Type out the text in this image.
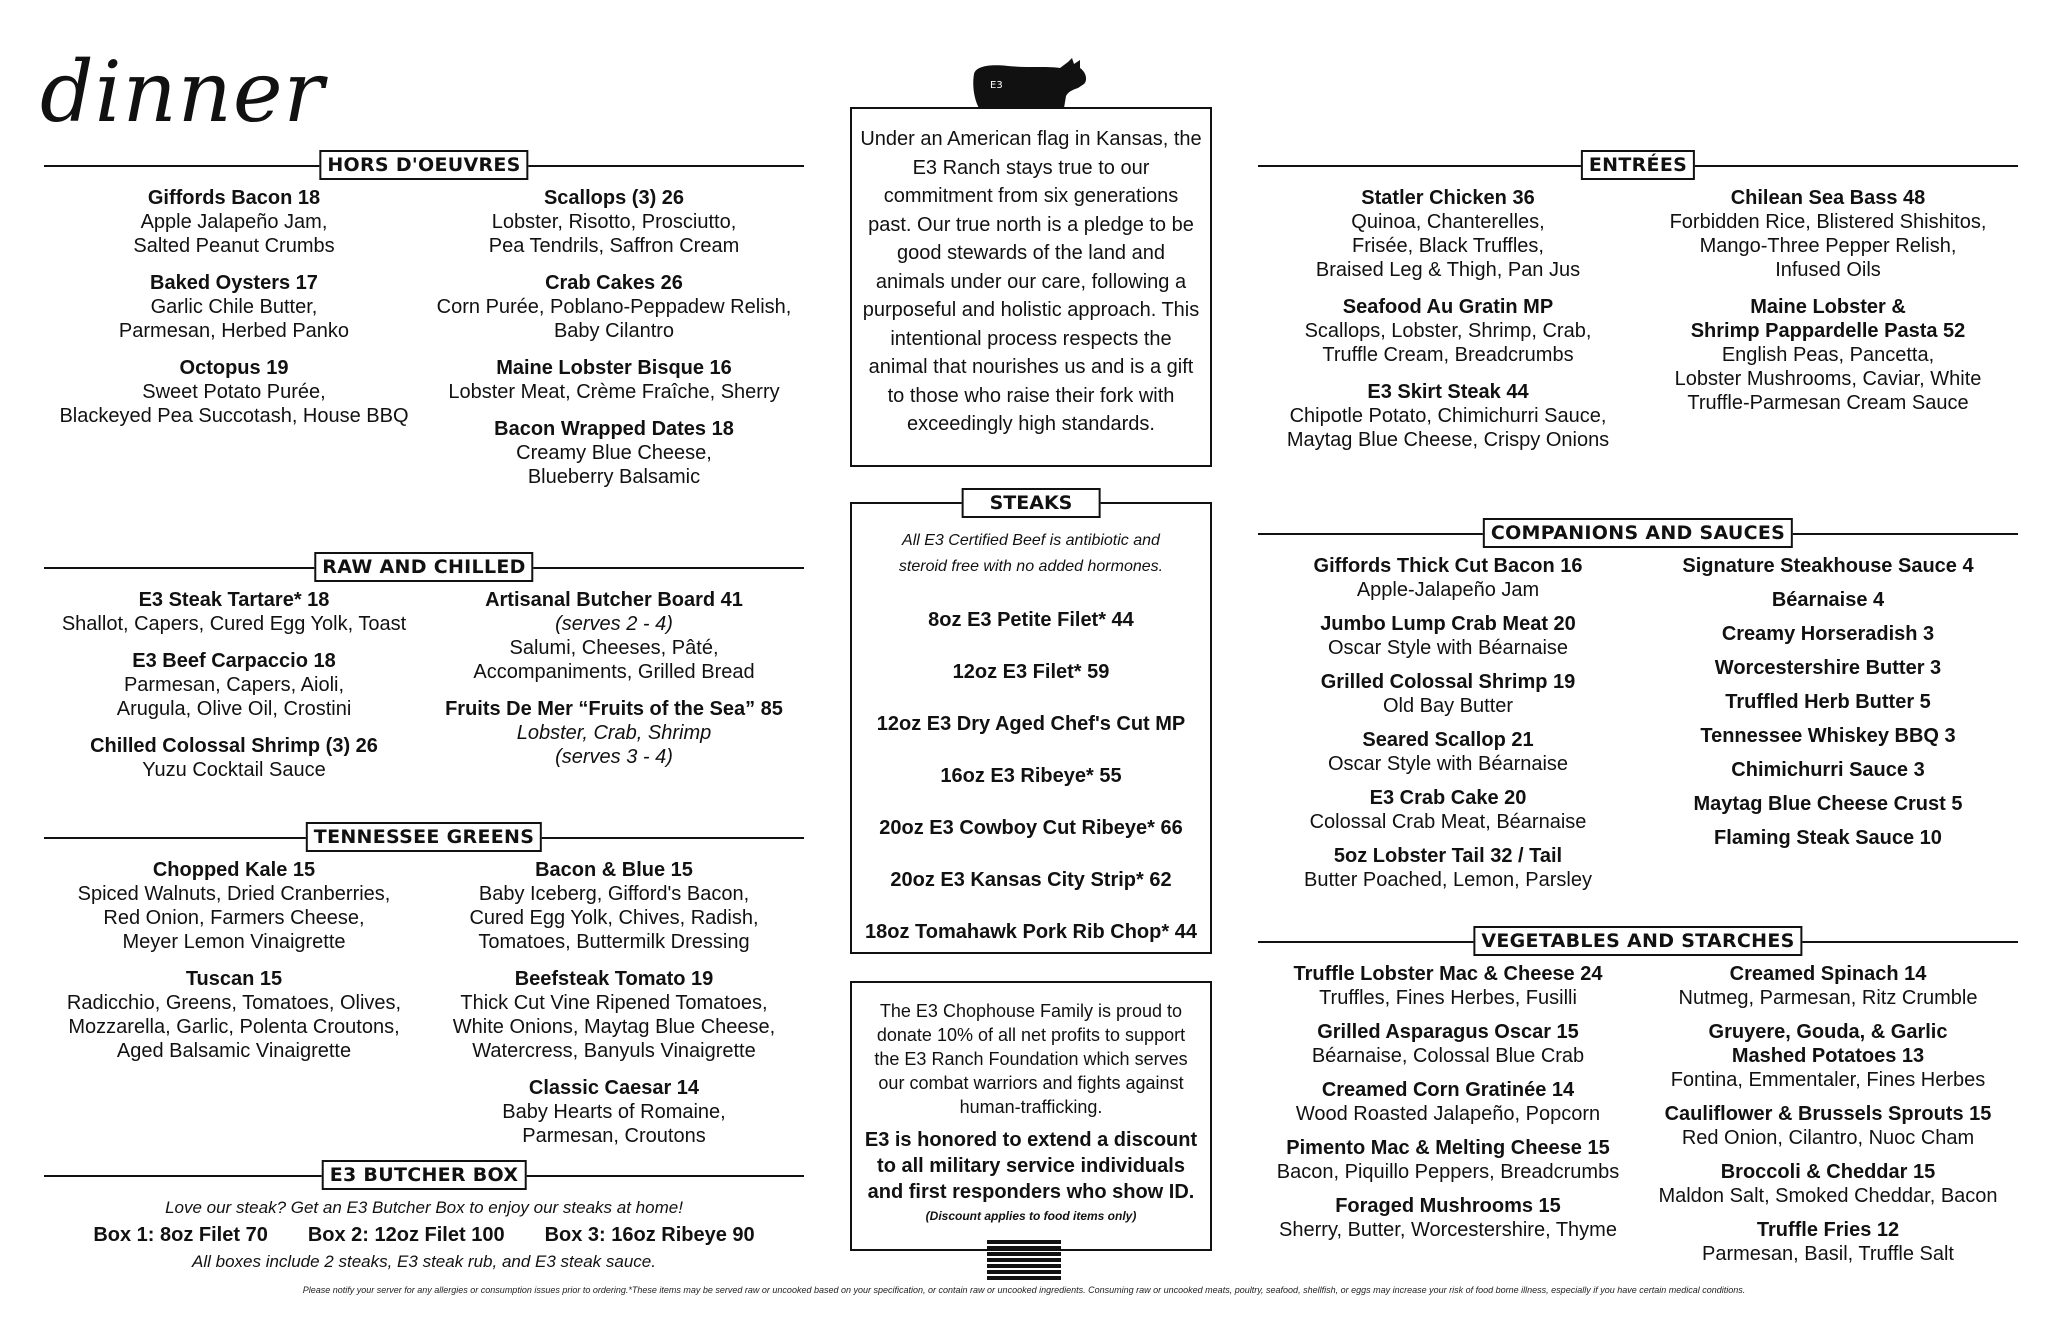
dinner
HORS D'OEUVRES
Giffords Bacon 18
Apple Jalapeño Jam,
Salted Peanut Crumbs
Baked Oysters 17
Garlic Chile Butter,
Parmesan, Herbed Panko
Octopus 19
Sweet Potato Purée,
Blackeyed Pea Succotash, House BBQ
Scallops (3) 26
Lobster, Risotto, Prosciutto,
Pea Tendrils, Saffron Cream
Crab Cakes 26
Corn Purée, Poblano-Peppadew Relish,
Baby Cilantro
Maine Lobster Bisque 16
Lobster Meat, Crème Fraîche, Sherry
Bacon Wrapped Dates 18
Creamy Blue Cheese,
Blueberry Balsamic
RAW AND CHILLED
E3 Steak Tartare* 18
Shallot, Capers, Cured Egg Yolk, Toast
E3 Beef Carpaccio 18
Parmesan, Capers, Aioli,
Arugula, Olive Oil, Crostini
Chilled Colossal Shrimp (3) 26
Yuzu Cocktail Sauce
Artisanal Butcher Board 41
(serves 2 - 4)
Salumi, Cheeses, Pâté,
Accompaniments, Grilled Bread
Fruits De Mer “Fruits of the Sea” 85
Lobster, Crab, Shrimp
(serves 3 - 4)
TENNESSEE GREENS
Chopped Kale 15
Spiced Walnuts, Dried Cranberries,
Red Onion, Farmers Cheese,
Meyer Lemon Vinaigrette
Tuscan 15
Radicchio, Greens, Tomatoes, Olives,
Mozzarella, Garlic, Polenta Croutons,
Aged Balsamic Vinaigrette
Bacon & Blue 15
Baby Iceberg, Gifford's Bacon,
Cured Egg Yolk, Chives, Radish,
Tomatoes, Buttermilk Dressing
Beefsteak Tomato 19
Thick Cut Vine Ripened Tomatoes,
White Onions, Maytag Blue Cheese,
Watercress, Banyuls Vinaigrette
Classic Caesar 14
Baby Hearts of Romaine,
Parmesan, Croutons
E3 BUTCHER BOX
Love our steak? Get an E3 Butcher Box to enjoy our steaks at home!
Box 1: 8oz Filet 70 Box 2: 12oz Filet 100 Box 3: 16oz Ribeye 90
All boxes include 2 steaks, E3 steak rub, and E3 steak sauce.
E3
Under an American flag in Kansas, the E3 Ranch stays true to our commitment from six generations past. Our true north is a pledge to be good stewards of the land and animals under our care, following a purposeful and holistic approach. This intentional process respects the animal that nourishes us and is a gift to those who raise their fork with exceedingly high standards.
STEAKS
All E3 Certified Beef is antibiotic and
steroid free with no added hormones.
8oz E3 Petite Filet* 44
12oz E3 Filet* 59
12oz E3 Dry Aged Chef's Cut MP
16oz E3 Ribeye* 55
20oz E3 Cowboy Cut Ribeye* 66
20oz E3 Kansas City Strip* 62
18oz Tomahawk Pork Rib Chop* 44
The E3 Chophouse Family is proud to donate 10% of all net profits to support the E3 Ranch Foundation which serves our combat warriors and fights against human-trafficking.
E3 is honored to extend a discount to all military service individuals and first responders who show ID.
(Discount applies to food items only)
ENTRÉES
Statler Chicken 36
Quinoa, Chanterelles,
Frisée, Black Truffles,
Braised Leg & Thigh, Pan Jus
Seafood Au Gratin MP
Scallops, Lobster, Shrimp, Crab,
Truffle Cream, Breadcrumbs
E3 Skirt Steak 44
Chipotle Potato, Chimichurri Sauce,
Maytag Blue Cheese, Crispy Onions
Chilean Sea Bass 48
Forbidden Rice, Blistered Shishitos,
Mango-Three Pepper Relish,
Infused Oils
Maine Lobster &
Shrimp Pappardelle Pasta 52
English Peas, Pancetta,
Lobster Mushrooms, Caviar, White
Truffle-Parmesan Cream Sauce
COMPANIONS AND SAUCES
Giffords Thick Cut Bacon 16
Apple-Jalapeño Jam
Jumbo Lump Crab Meat 20
Oscar Style with Béarnaise
Grilled Colossal Shrimp 19
Old Bay Butter
Seared Scallop 21
Oscar Style with Béarnaise
E3 Crab Cake 20
Colossal Crab Meat, Béarnaise
5oz Lobster Tail 32 / Tail
Butter Poached, Lemon, Parsley
Signature Steakhouse Sauce 4
Béarnaise 4
Creamy Horseradish 3
Worcestershire Butter 3
Truffled Herb Butter 5
Tennessee Whiskey BBQ 3
Chimichurri Sauce 3
Maytag Blue Cheese Crust 5
Flaming Steak Sauce 10
VEGETABLES AND STARCHES
Truffle Lobster Mac & Cheese 24
Truffles, Fines Herbes, Fusilli
Grilled Asparagus Oscar 15
Béarnaise, Colossal Blue Crab
Creamed Corn Gratinée 14
Wood Roasted Jalapeño, Popcorn
Pimento Mac & Melting Cheese 15
Bacon, Piquillo Peppers, Breadcrumbs
Foraged Mushrooms 15
Sherry, Butter, Worcestershire, Thyme
Creamed Spinach 14
Nutmeg, Parmesan, Ritz Crumble
Gruyere, Gouda, & Garlic
Mashed Potatoes 13
Fontina, Emmentaler, Fines Herbes
Cauliflower & Brussels Sprouts 15
Red Onion, Cilantro, Nuoc Cham
Broccoli & Cheddar 15
Maldon Salt, Smoked Cheddar, Bacon
Truffle Fries 12
Parmesan, Basil, Truffle Salt
Please notify your server for any allergies or consumption issues prior to ordering.*These items may be served raw or uncooked based on your specification, or contain raw or uncooked ingredients. Consuming raw or uncooked meats, poultry, seafood, shellfish, or eggs may increase your risk of food borne illness, especially if you have certain medical conditions.
